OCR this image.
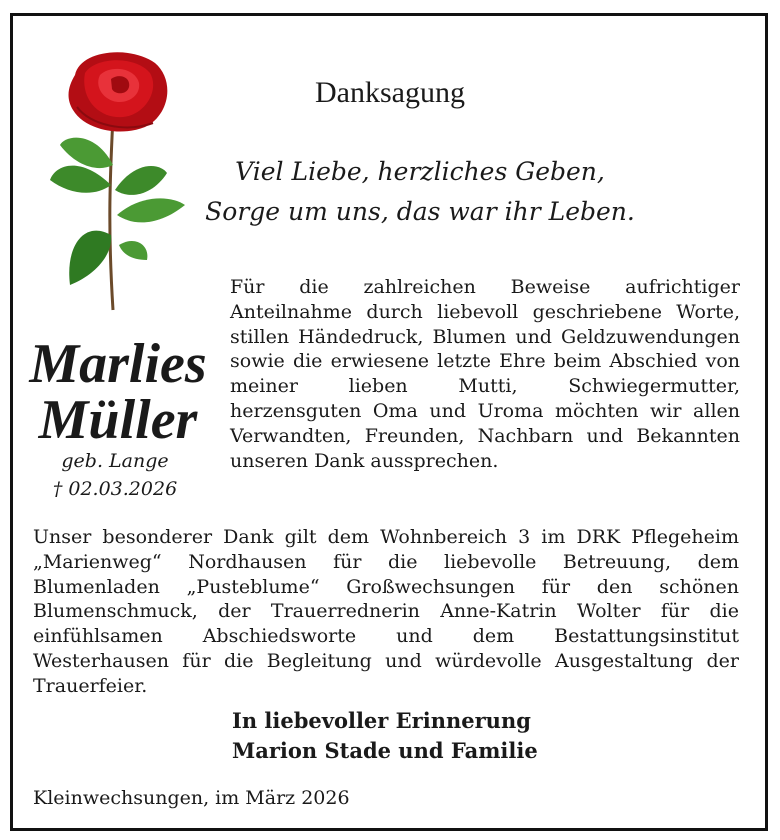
Danksagung
Viel Liebe, herzliches Geben,
Sorge um uns, das war ihr Leben.
Marlies
Müller
geb. Lange
† 02.03.2026
Für die zahlreichen Beweise aufrichtiger Anteilnahme durch liebevoll geschriebene Worte, stillen Händedruck, Blumen und Geldzuwendungen sowie die erwiesene letzte Ehre beim Abschied von meiner lieben Mutti, Schwiegermutter, herzensguten Oma und Uroma möchten wir allen Verwandten, Freunden, Nachbarn und Bekannten unseren Dank aussprechen.
Unser besonderer Dank gilt dem Wohnbereich 3 im DRK Pflegeheim „Marienweg“ Nordhausen für die liebevolle Betreuung, dem Blumenladen „Pusteblume“ Großwechsungen für den schönen Blumenschmuck, der Trauerrednerin Anne-Katrin Wolter für die einfühlsamen Abschiedsworte und dem Bestattungsinstitut Westerhausen für die Begleitung und würdevolle Ausgestaltung der Trauerfeier.
In liebevoller Erinnerung
Marion Stade und Familie
Kleinwechsungen, im März 2026
